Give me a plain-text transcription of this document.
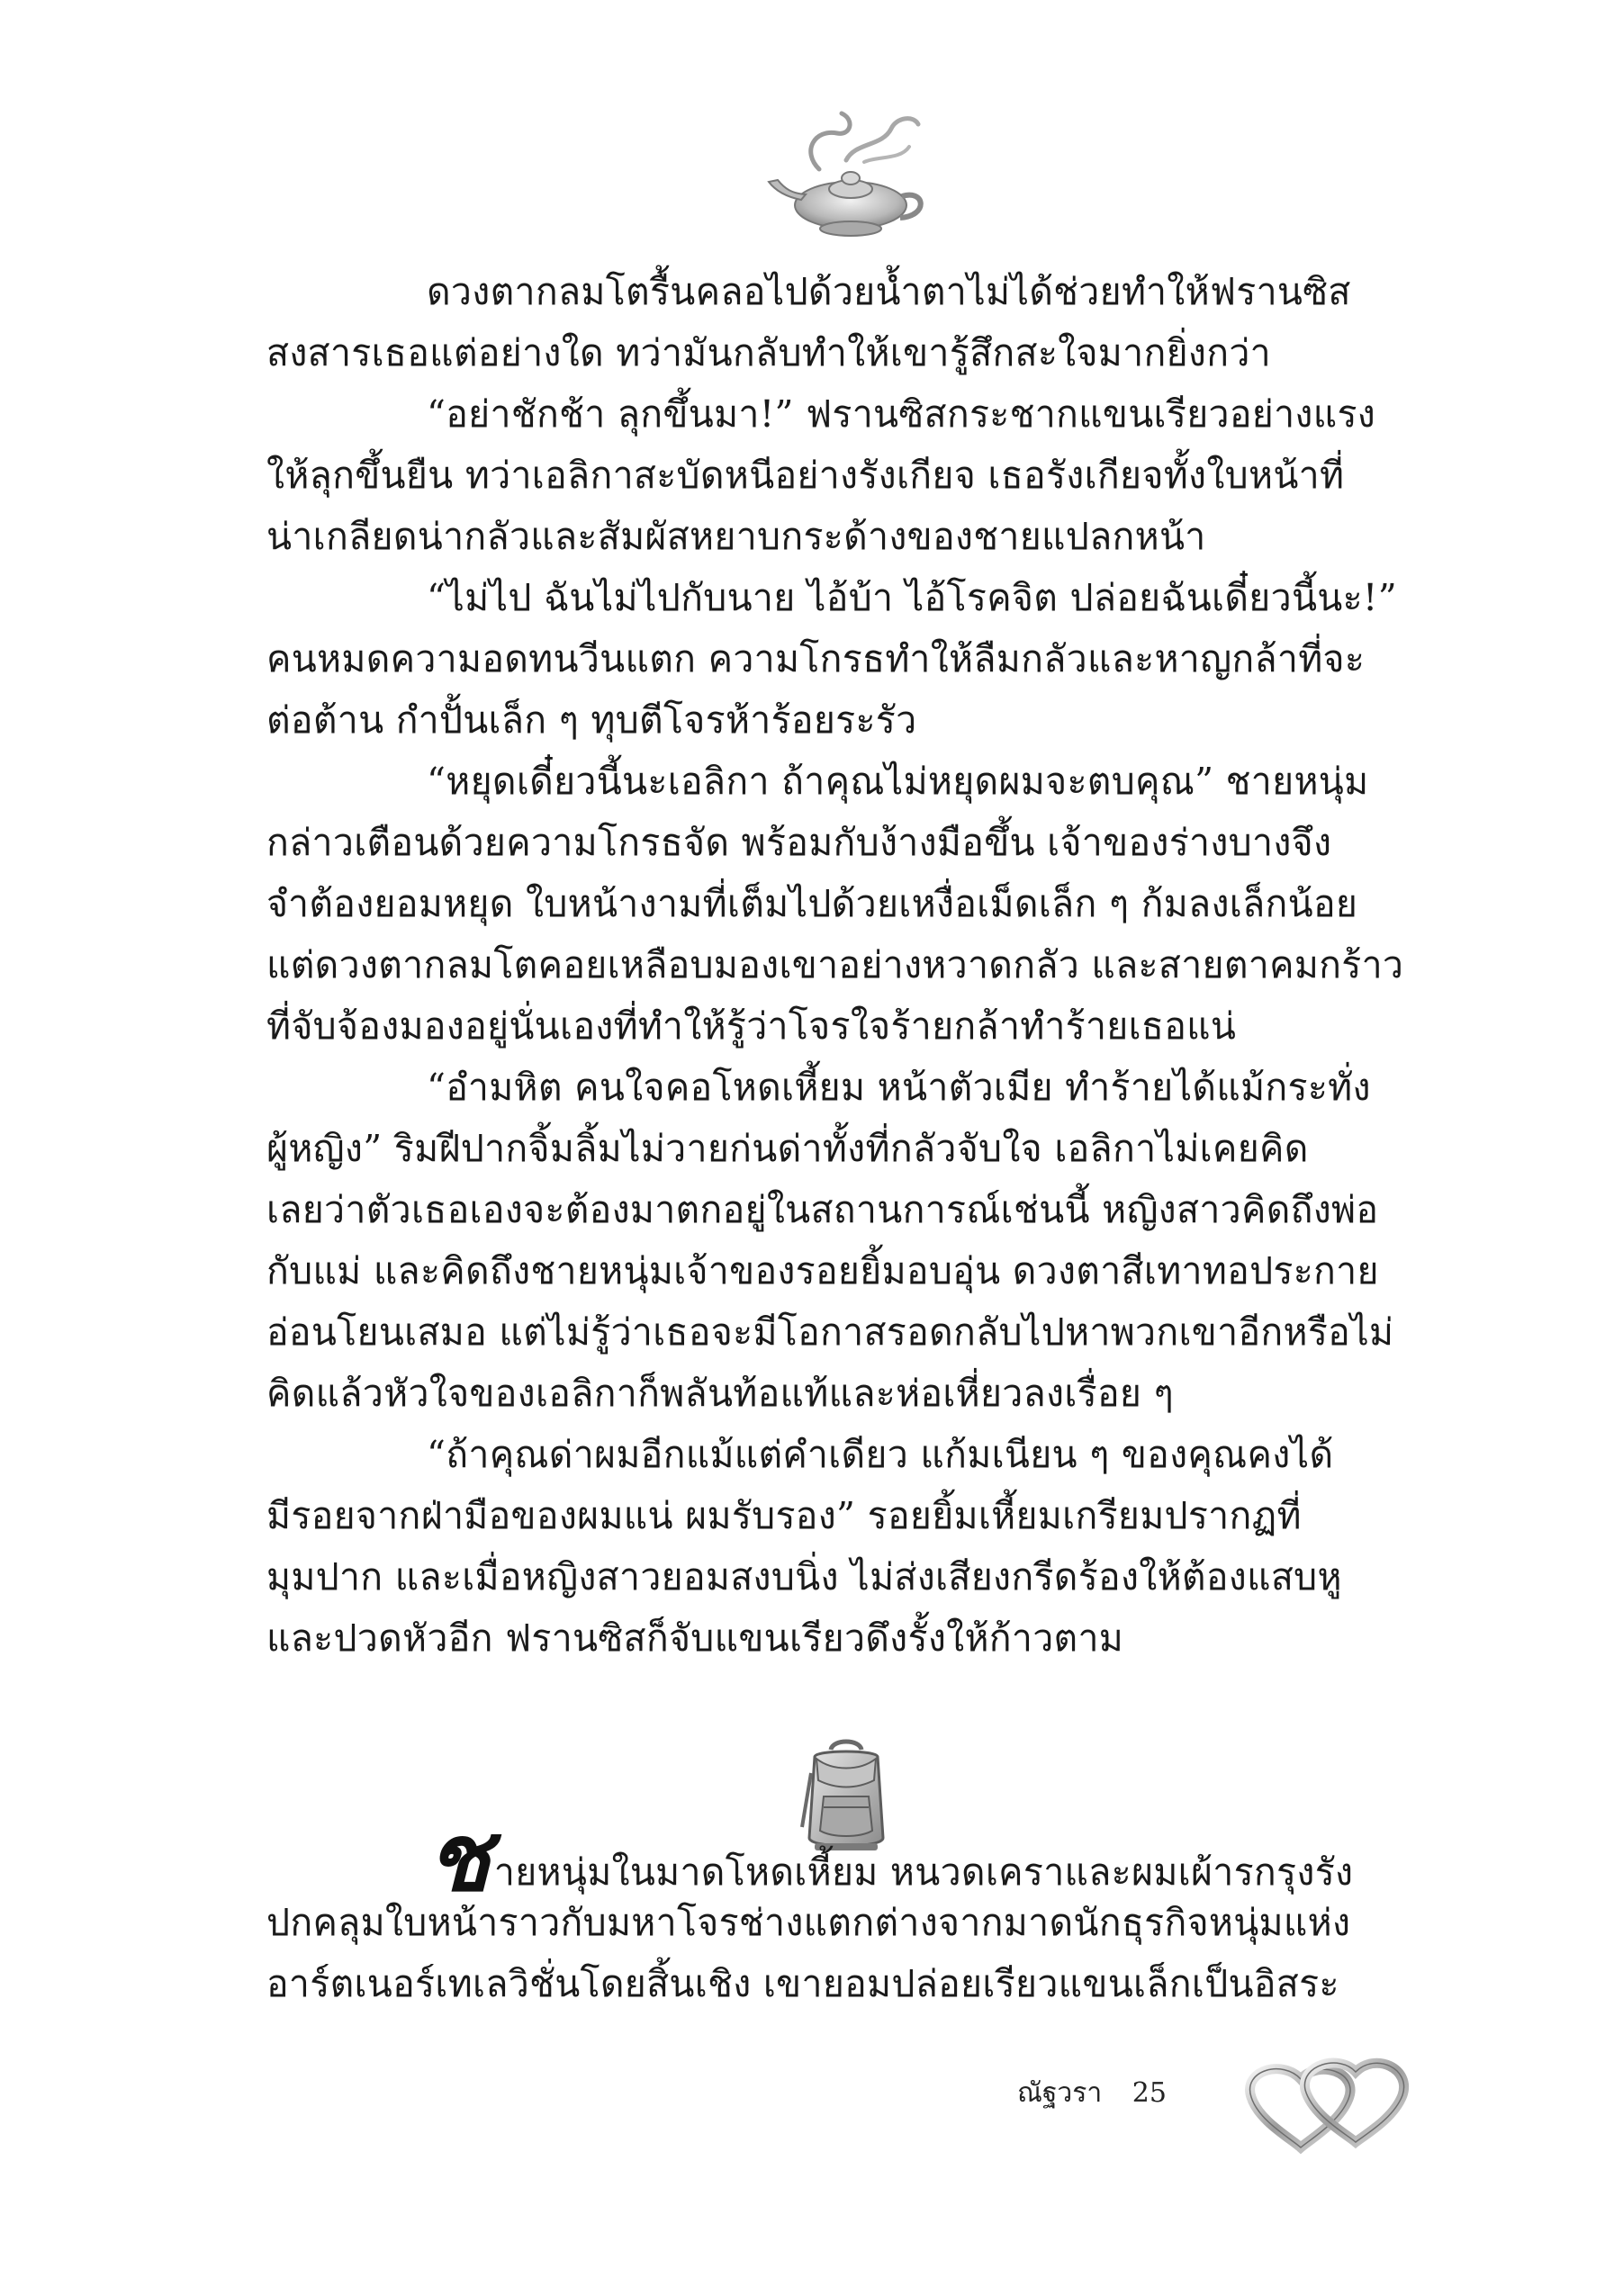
ดวงตากลมโตรื้นคลอไปด้วยน้ำตาไม่ได้ช่วยทำให้ฟรานซิส
สงสารเธอแต่อย่างใด ทว่ามันกลับทำให้เขารู้สึกสะใจมากยิ่งกว่า
“อย่าชักช้า ลุกขึ้นมา!” ฟรานซิสกระชากแขนเรียวอย่างแรง
ให้ลุกขึ้นยืน ทว่าเอลิกาสะบัดหนีอย่างรังเกียจ เธอรังเกียจทั้งใบหน้าที่
น่าเกลียดน่ากลัวและสัมผัสหยาบกระด้างของชายแปลกหน้า
“ไม่ไป ฉันไม่ไปกับนาย ไอ้บ้า ไอ้โรคจิต ปล่อยฉันเดี๋ยวนี้นะ!”
คนหมดความอดทนวีนแตก ความโกรธทำให้ลืมกลัวและหาญกล้าที่จะ
ต่อต้าน กำปั้นเล็ก ๆ ทุบตีโจรห้าร้อยระรัว
“หยุดเดี๋ยวนี้นะเอลิกา ถ้าคุณไม่หยุดผมจะตบคุณ” ชายหนุ่ม
กล่าวเตือนด้วยความโกรธจัด พร้อมกับง้างมือขึ้น เจ้าของร่างบางจึง
จำต้องยอมหยุด ใบหน้างามที่เต็มไปด้วยเหงื่อเม็ดเล็ก ๆ ก้มลงเล็กน้อย
แต่ดวงตากลมโตคอยเหลือบมองเขาอย่างหวาดกลัว และสายตาคมกร้าว
ที่จับจ้องมองอยู่นั่นเองที่ทำให้รู้ว่าโจรใจร้ายกล้าทำร้ายเธอแน่
“อำมหิต คนใจคอโหดเหี้ยม หน้าตัวเมีย ทำร้ายได้แม้กระทั่ง
ผู้หญิง” ริมฝีปากจิ้มลิ้มไม่วายก่นด่าทั้งที่กลัวจับใจ เอลิกาไม่เคยคิด
เลยว่าตัวเธอเองจะต้องมาตกอยู่ในสถานการณ์เช่นนี้ หญิงสาวคิดถึงพ่อ
กับแม่ และคิดถึงชายหนุ่มเจ้าของรอยยิ้มอบอุ่น ดวงตาสีเทาทอประกาย
อ่อนโยนเสมอ แต่ไม่รู้ว่าเธอจะมีโอกาสรอดกลับไปหาพวกเขาอีกหรือไม่
คิดแล้วหัวใจของเอลิกาก็พลันท้อแท้และห่อเหี่ยวลงเรื่อย ๆ
“ถ้าคุณด่าผมอีกแม้แต่คำเดียว แก้มเนียน ๆ ของคุณคงได้
มีรอยจากฝ่ามือของผมแน่ ผมรับรอง” รอยยิ้มเหี้ยมเกรียมปรากฏที่
มุมปาก และเมื่อหญิงสาวยอมสงบนิ่ง ไม่ส่งเสียงกรีดร้องให้ต้องแสบหู
และปวดหัวอีก ฟรานซิสก็จับแขนเรียวดึงรั้งให้ก้าวตาม
ชายหนุ่มในมาดโหดเหี้ยม หนวดเคราและผมเผ้ารกรุงรัง
ปกคลุมใบหน้าราวกับมหาโจรช่างแตกต่างจากมาดนักธุรกิจหนุ่มแห่ง
อาร์ตเนอร์เทเลวิชั่นโดยสิ้นเชิง เขายอมปล่อยเรียวแขนเล็กเป็นอิสระ
ณัฐวรา 25
